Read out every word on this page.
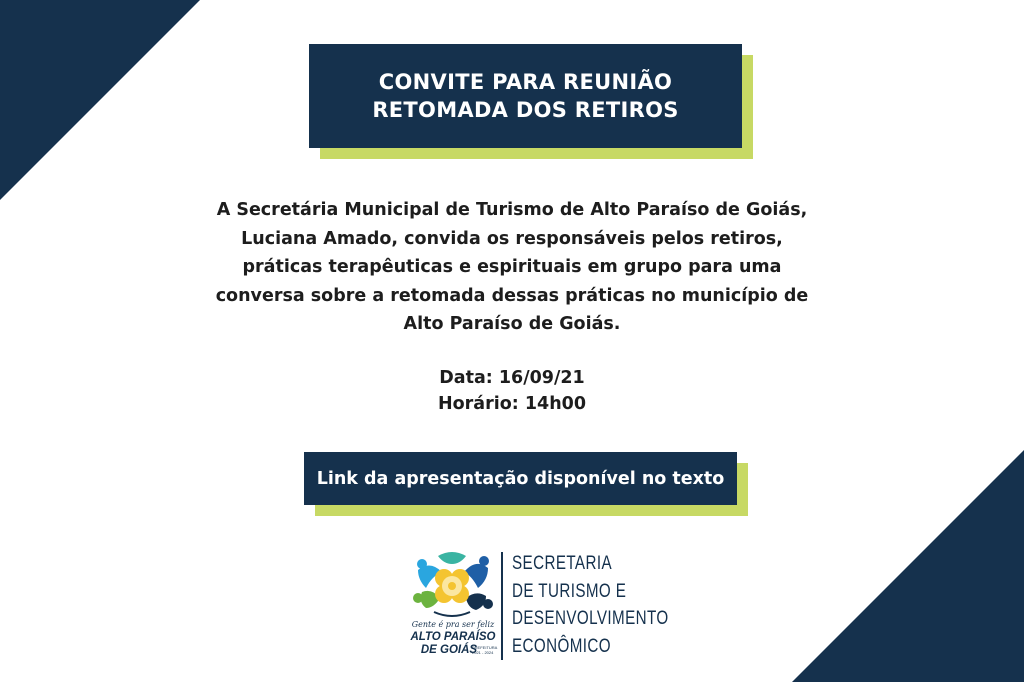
CONVITE PARA REUNIÃO
RETOMADA DOS RETIROS
A Secretária Municipal de Turismo de Alto Paraíso de Goiás,
Luciana Amado, convida os responsáveis pelos retiros,
práticas terapêuticas e espirituais em grupo para uma
conversa sobre a retomada dessas práticas no município de
Alto Paraíso de Goiás.
Data: 16/09/21
Horário: 14h00
Link da apresentação disponível no texto
Gente é pra ser feliz
ALTO PARAÍSO
DE GOIÁS
PREFEITURA
2021 - 2024
SECRETARIA
DE TURISMO E
DESENVOLVIMENTO
ECONÔMICO
